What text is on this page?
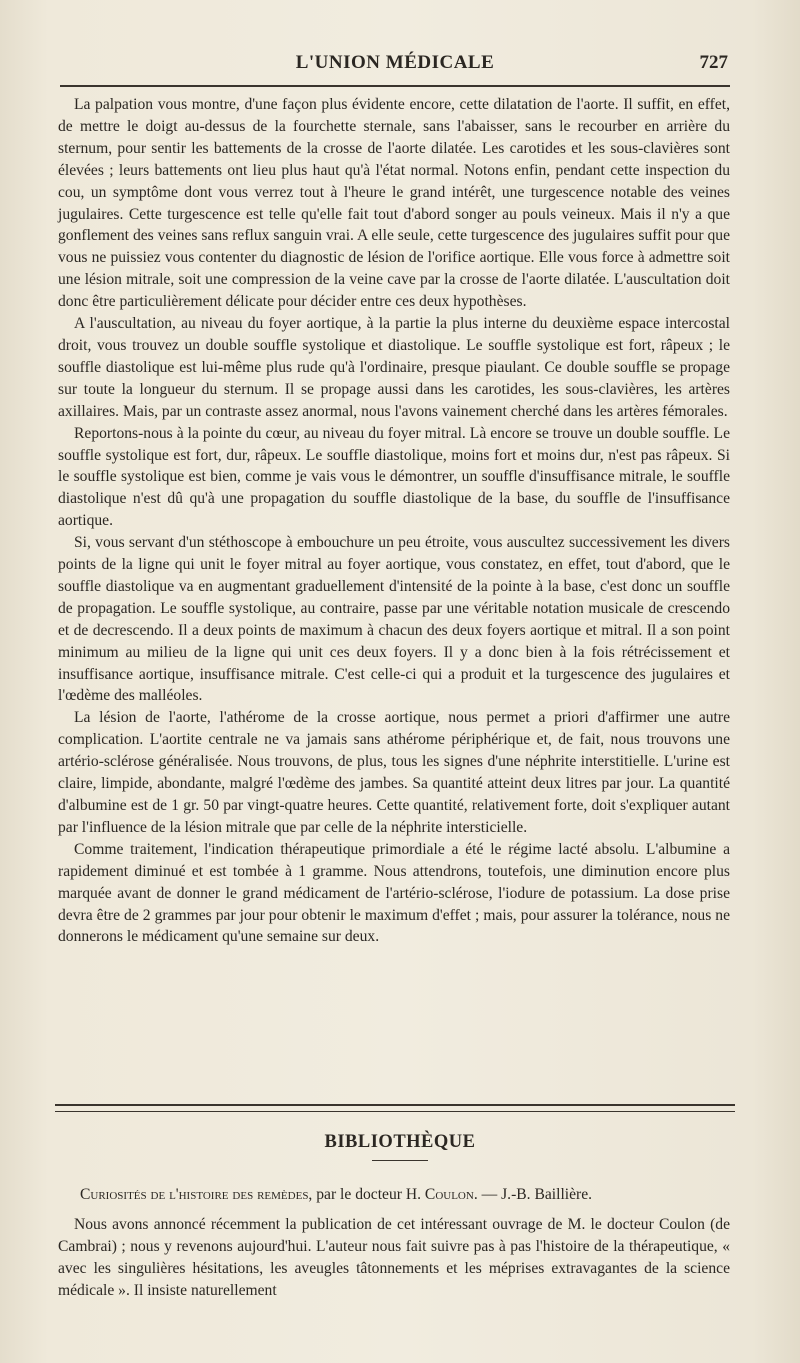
L'UNION MÉDICALE	727

La palpation vous montre, d'une façon plus évidente encore, cette dilatation de l'aorte. Il suffit, en effet, de mettre le doigt au-dessus de la fourchette sternale, sans l'abaisser, sans le recourber en arrière du sternum, pour sentir les battements de la crosse de l'aorte dilatée. Les carotides et les sous-clavières sont élevées ; leurs battements ont lieu plus haut qu'à l'état normal. Notons enfin, pendant cette inspection du cou, un symptôme dont vous verrez tout à l'heure le grand intérêt, une turgescence notable des veines jugulaires. Cette turgescence est telle qu'elle fait tout d'abord songer au pouls veineux. Mais il n'y a que gonflement des veines sans reflux sanguin vrai. A elle seule, cette turgescence des jugulaires suffit pour que vous ne puissiez vous contenter du diagnostic de lésion de l'orifice aortique. Elle vous force à admettre soit une lésion mitrale, soit une compression de la veine cave par la crosse de l'aorte dilatée. L'auscultation doit donc être particulièrement délicate pour décider entre ces deux hypothèses.

A l'auscultation, au niveau du foyer aortique, à la partie la plus interne du deuxième espace intercostal droit, vous trouvez un double souffle systolique et diastolique. Le souffle systolique est fort, râpeux ; le souffle diastolique est lui-même plus rude qu'à l'ordinaire, presque piaulant. Ce double souffle se propage sur toute la longueur du sternum. Il se propage aussi dans les carotides, les sous-clavières, les artères axillaires. Mais, par un contraste assez anormal, nous l'avons vainement cherché dans les artères fémorales.

Reportons-nous à la pointe du cœur, au niveau du foyer mitral. Là encore se trouve un double souffle. Le souffle systolique est fort, dur, râpeux. Le souffle diastolique, moins fort et moins dur, n'est pas râpeux. Si le souffle systolique est bien, comme je vais vous le démontrer, un souffle d'insuffisance mitrale, le souffle diastolique n'est dû qu'à une propagation du souffle diastolique de la base, du souffle de l'insuffisance aortique.

Si, vous servant d'un stéthoscope à embouchure un peu étroite, vous auscultez successivement les divers points de la ligne qui unit le foyer mitral au foyer aortique, vous constatez, en effet, tout d'abord, que le souffle diastolique va en augmentant graduellement d'intensité de la pointe à la base, c'est donc un souffle de propagation. Le souffle systolique, au contraire, passe par une véritable notation musicale de crescendo et de decrescendo. Il a deux points de maximum à chacun des deux foyers aortique et mitral. Il a son point minimum au milieu de la ligne qui unit ces deux foyers. Il y a donc bien à la fois rétrécissement et insuffisance aortique, insuffisance mitrale. C'est celle-ci qui a produit et la turgescence des jugulaires et l'œdème des malléoles.

La lésion de l'aorte, l'athérome de la crosse aortique, nous permet a priori d'affirmer une autre complication. L'aortite centrale ne va jamais sans athérome périphérique et, de fait, nous trouvons une artério-sclérose généralisée. Nous trouvons, de plus, tous les signes d'une néphrite interstitielle. L'urine est claire, limpide, abondante, malgré l'œdème des jambes. Sa quantité atteint deux litres par jour. La quantité d'albumine est de 1 gr. 50 par vingt-quatre heures. Cette quantité, relativement forte, doit s'expliquer autant par l'influence de la lésion mitrale que par celle de la néphrite intersticielle.

Comme traitement, l'indication thérapeutique primordiale a été le régime lacté absolu. L'albumine a rapidement diminué et est tombée à 1 gramme. Nous attendrons, toutefois, une diminution encore plus marquée avant de donner le grand médicament de l'artério-sclérose, l'iodure de potassium. La dose prise devra être de 2 grammes par jour pour obtenir le maximum d'effet ; mais, pour assurer la tolérance, nous ne donnerons le médicament qu'une semaine sur deux.

BIBLIOTHÈQUE
Curiosités de l'histoire des remèdes, par le docteur H. Coulon. — J.-B. Baillière.

Nous avons annoncé récemment la publication de cet intéressant ouvrage de M. le docteur Coulon (de Cambrai) ; nous y revenons aujourd'hui. L'auteur nous fait suivre pas à pas l'histoire de la thérapeutique, « avec les singulières hésitations, les aveugles tâtonnements et les méprises extravagantes de la science médicale ». Il insiste naturellement
